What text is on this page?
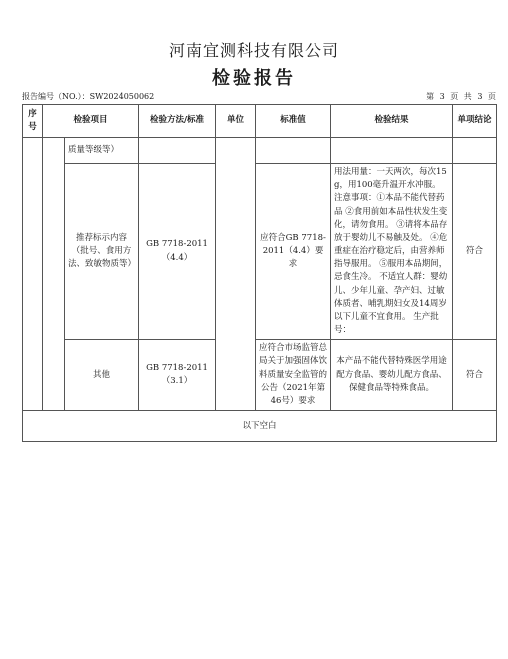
河南宜测科技有限公司
检验报告
报告编号（NO.）：SW2024050062	第 3 页 共 3 页
序号	检验项目		检验方法/标准	单位	标准值	检验结果	单项结论
		质量等级等）					
		推荐标示内容（批号、食用方法、致敏物质等）	GB 7718-2011（4.4）		应符合GB 7718-2011（4.4）要求	用法用量：一天两次，每次15g，用100毫升温开水冲服。 注意事项：①本品不能代替药品 ②食用前如本品性状发生变化，请勿食用。 ③请将本品存放于婴幼儿不易触及处。 ④危重症在治疗稳定后，由营养师指导服用。 ⑤服用本品期间，忌食生冷。 不适宜人群：婴幼儿、少年儿童、孕产妇、过敏体质者、哺乳期妇女及14周岁以下儿童不宜食用。 生产批号：	符合
		其他	GB 7718-2011（3.1）		应符合市场监管总局关于加强固体饮料质量安全监管的公告（2021年第46号）要求	本产品不能代替特殊医学用途配方食品、婴幼儿配方食品、保健食品等特殊食品。	符合
以下空白							
